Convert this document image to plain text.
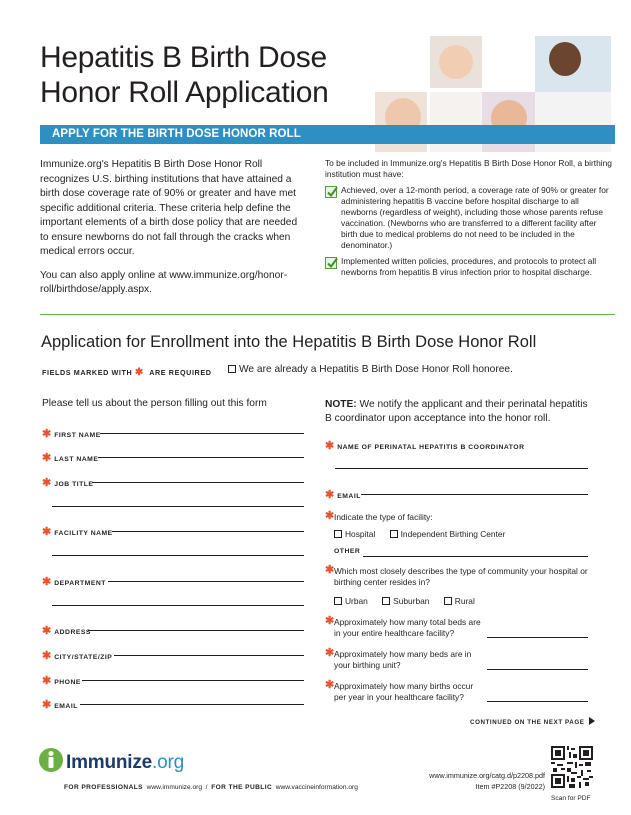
Hepatitis B Birth Dose
Honor Roll Application
APPLY FOR THE BIRTH DOSE HONOR ROLL

Immunize.org's Hepatitis B Birth Dose Honor Roll recognizes U.S. birthing institutions that have attained a birth dose coverage rate of 90% or greater and have met specific additional criteria. These criteria help define the important elements of a birth dose policy that are needed to ensure newborns do not fall through the cracks when medical errors occur.

You can also apply online at www.immunize.org/honor-roll/birthdose/apply.aspx.

To be included in Immunize.org's Hepatitis B Birth Dose Honor Roll, a birthing institution must have:
Achieved, over a 12-month period, a coverage rate of 90% or greater for administering hepatitis B vaccine before hospital discharge to all newborns (regardless of weight), including those whose parents refuse vaccination. (Newborns who are transferred to a different facility after birth due to medical problems do not need to be included in the denominator.)
Implemented written policies, procedures, and protocols to protect all newborns from hepatitis B virus infection prior to hospital discharge.
Application for Enrollment into the Hepatitis B Birth Dose Honor Roll
FIELDS MARKED WITH ✱ ARE REQUIRED	We are already a Hepatitis B Birth Dose Honor Roll honoree.
Please tell us about the person filling out this form
✱ FIRST NAME
✱ LAST NAME
✱ JOB TITLE
✱ FACILITY NAME
✱ DEPARTMENT
✱ ADDRESS
✱ CITY/STATE/ZIP
✱ PHONE
✱ EMAIL
NOTE: We notify the applicant and their perinatal hepatitis B coordinator upon acceptance into the honor roll.
✱ NAME OF PERINATAL HEPATITIS B COORDINATOR
✱ EMAIL
✱ Indicate the type of facility:
Hospital	Independent Birthing Center
OTHER
✱ Which most closely describes the type of community your hospital or birthing center resides in?
Urban	Suburban	Rural
✱ Approximately how many total beds are in your entire healthcare facility?
✱ Approximately how many beds are in your birthing unit?
✱ Approximately how many births occur per year in your healthcare facility?
CONTINUED ON THE NEXT PAGE
Immunize.org
FOR PROFESSIONALS www.immunize.org / FOR THE PUBLIC www.vaccineinformation.org
www.immunize.org/catg.d/p2208.pdf
Item #P2208 (9/2022)
Scan for PDF
